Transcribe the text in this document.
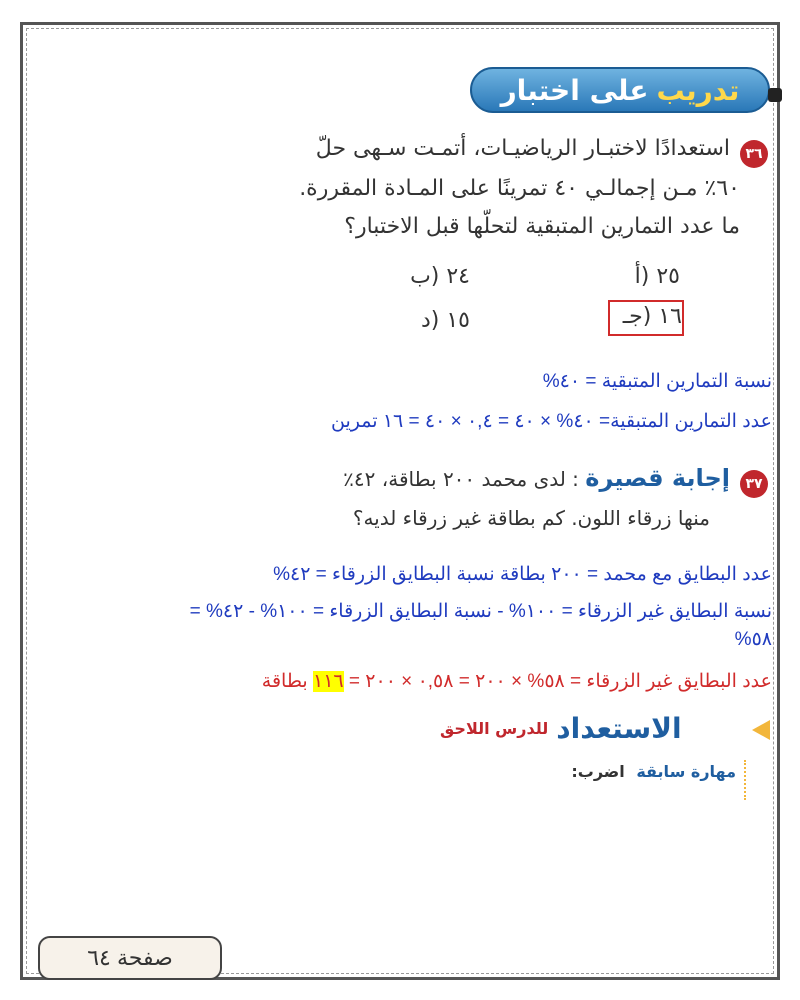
تدريب
على اختبار
٣٦
استعدادًا لاختبـار الرياضيـات، أتمـت سـهى حلّ
٦٠٪ مـن إجمالـي ٤٠ تمرينًا على المـادة المقررة.
ما عدد التمارين المتبقية لتحلّها قبل الاختبار؟
٢٥ (أ
٢٤ (ب
١٦ (جـ
١٥ (د
نسبة التمارين المتبقية = ٤٠%
عدد التمارين المتبقية= ٤٠% × ٤٠ = ٠,٤ × ٤٠ = ١٦ تمرين
٣٧
إجابة قصيرة : لدى محمد ٢٠٠ بطاقة، ٤٢٪
منها زرقاء اللون. كم بطاقة غير زرقاء لديه؟
عدد البطايق مع محمد = ٢٠٠ بطاقة نسبة البطايق الزرقاء = ٤٢%
نسبة البطايق غير الزرقاء = ١٠٠% - نسبة البطايق الزرقاء = ١٠٠% - ٤٢% =
٥٨%
عدد البطايق غير الزرقاء = ٥٨% × ٢٠٠ = ٠,٥٨ × ٢٠٠ = ١١٦ بطاقة
الاستعداد
للدرس اللاحق
مهارة سابقة اضرب:
صفحة ٦٤
